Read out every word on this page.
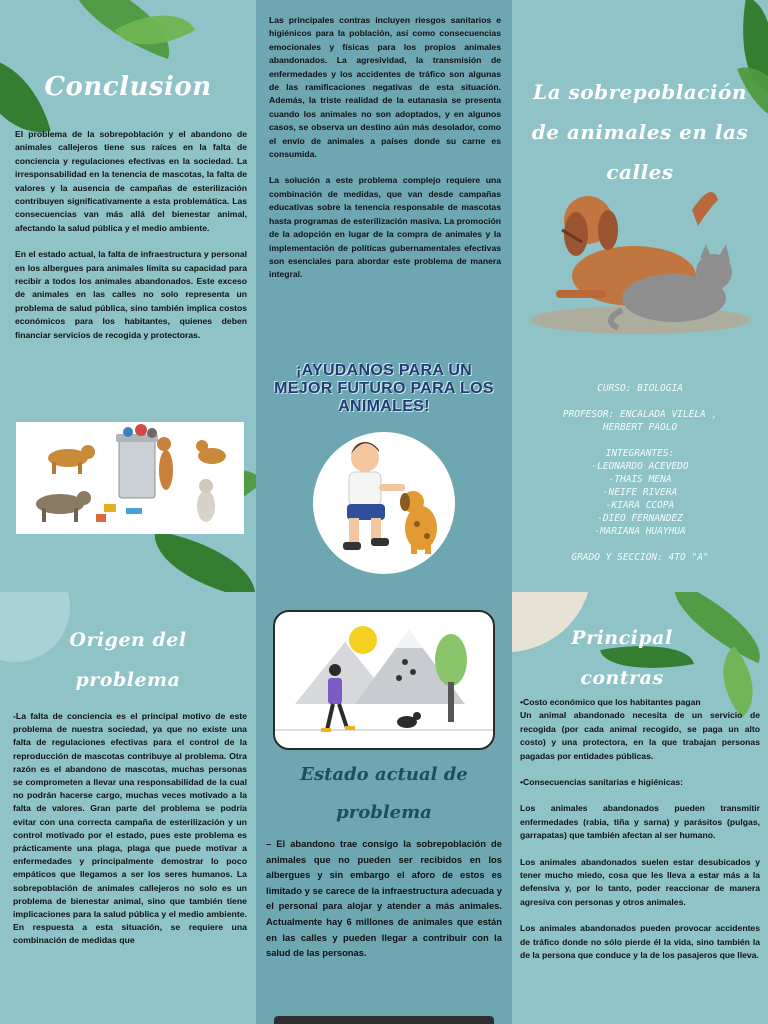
Conclusion

El problema de la sobrepoblación y el abandono de animales callejeros tiene sus raíces en la falta de conciencia y regulaciones efectivas en la sociedad. La irresponsabilidad en la tenencia de mascotas, la falta de valores y la ausencia de campañas de esterilización contribuyen significativamente a esta problemática. Las consecuencias van más allá del bienestar animal, afectando la salud pública y el medio ambiente.

En el estado actual, la falta de infraestructura y personal en los albergues para animales limita su capacidad para recibir a todos los animales abandonados. Este exceso de animales en las calles no solo representa un problema de salud pública, sino también implica costos económicos para los habitantes, quienes deben financiar servicios de recogida y protectoras.

Las principales contras incluyen riesgos sanitarios e higiénicos para la población, así como consecuencias emocionales y físicas para los propios animales abandonados. La agresividad, la transmisión de enfermedades y los accidentes de tráfico son algunas de las ramificaciones negativas de esta situación. Además, la triste realidad de la eutanasia se presenta cuando los animales no son adoptados, y en algunos casos, se observa un destino aún más desolador, como el envío de animales a países donde su carne es consumida.

La solución a este problema complejo requiere una combinación de medidas, que van desde campañas educativas sobre la tenencia responsable de mascotas hasta programas de esterilización masiva. La promoción de la adopción en lugar de la compra de animales y la implementación de políticas gubernamentales efectivas son esenciales para abordar este problema de manera integral.

¡AYUDANOS PARA UN MEJOR FUTURO PARA LOS ANIMALES!
La sobrepoblación de animales en las calles
CURSO: BIOLOGIA
PROFESOR: ENCALADA VILELA , HERBERT PAOLO
INTEGRANTES:
-LEONARDO ACEVEDO
-THAIS MENA
-NEIFE RIVERA
-KIARA CCOPA
-DIEO FERNANDEZ
-MARIANA HUAYHUA
GRADO Y SECCION: 4TO "A"
Origen del problema
-La falta de conciencia es el principal motivo de este problema de nuestra sociedad, ya que no existe una falta de regulaciones efectivas para el control de la reproducción de mascotas contribuye al problema. Otra razón es el abandono de mascotas, muchas personas se comprometen a llevar una responsabilidad de la cual no podrán hacerse cargo, muchas veces motivado a la falta de valores. Gran parte del problema se podría evitar con una correcta campaña de esterilización y un control motivado por el estado, pues este problema es prácticamente una plaga, plaga que puede motivar a enfermedades y principalmente demostrar lo poco empáticos que llegamos a ser los seres humanos. La sobrepoblación de animales callejeros no solo es un problema de bienestar animal, sino que también tiene implicaciones para la salud pública y el medio ambiente. En respuesta a esta situación, se requiere una combinación de medidas que
Estado actual de problema
– El abandono trae consigo la sobrepoblación de animales que no pueden ser recibidos en los albergues y sin embargo el aforo de estos es limitado y se carece de la infraestructura adecuada y el personal para alojar y atender a más animales. Actualmente hay 6 millones de animales que están en las calles y pueden llegar a contribuir con la salud de las personas.
Principal contras
•Costo económico que los habitantes pagan

Un animal abandonado necesita de un servicio de recogida (por cada animal recogido, se paga un alto costo) y una protectora, en la que trabajan personas pagadas por entidades públicas.

•Consecuencias sanitarias e higiénicas:

Los animales abandonados pueden transmitir enfermedades (rabia, tiña y sarna) y parásitos (pulgas, garrapatas) que también afectan al ser humano.

Los animales abandonados suelen estar desubicados y tener mucho miedo, cosa que les lleva a estar más a la defensiva y, por lo tanto, poder reaccionar de manera agresiva con personas y otros animales.

Los animales abandonados pueden provocar accidentes de tráfico donde no sólo pierde él la vida, sino también la de la persona que conduce y la de los pasajeros que lleva.
